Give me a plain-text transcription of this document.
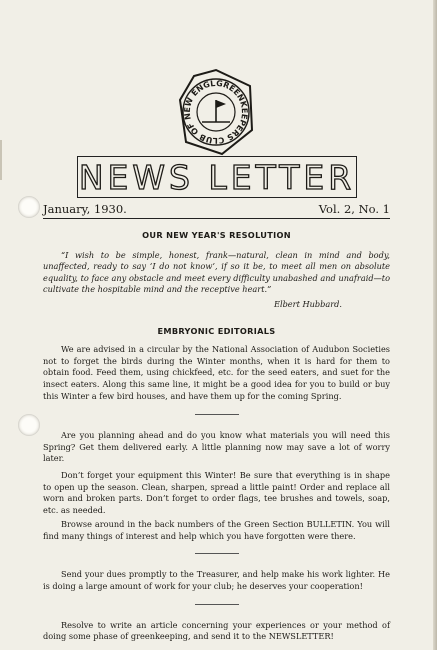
GREENKEEPERS CLUB OF NEW ENGL
NEWS LETTER
January, 1930.	Vol. 2, No. 1
OUR NEW YEAR'S RESOLUTION

“I wish to be simple, honest, frank—natural, clean in mind and body, unaffected, ready to say ‘I do not know’, if so it be, to meet all men on absolute equality, to face any obstacle and meet every difficulty unabashed and unafraid—to cultivate the hospitable mind and the receptive heart.”

Elbert Hubbard.
EMBRYONIC EDITORIALS

We are advised in a circular by the National Association of Audubon Societies not to forget the birds during the Winter months, when it is hard for them to obtain food. Feed them, using chickfeed, etc. for the seed eaters, and suet for the insect eaters. Along this same line, it might be a good idea for you to build or buy this Winter a few bird houses, and have them up for the coming Spring.

Are you planning ahead and do you know what materials you will need this Spring? Get them delivered early. A little planning now may save a lot of worry later.

Don’t forget your equipment this Winter! Be sure that everything is in shape to open up the season. Clean, sharpen, spread a little paint! Order and replace all worn and broken parts. Don’t forget to order flags, tee brushes and towels, soap, etc. as needed.

Browse around in the back numbers of the Green Section BULLETIN. You will find many things of interest and help which you have forgotten were there.

Send your dues promptly to the Treasurer, and help make his work lighter. He is doing a large amount of work for your club; he deserves your cooperation!

Resolve to write an article concerning your experiences or your method of doing some phase of greenkeeping, and send it to the NEWSLETTER!
